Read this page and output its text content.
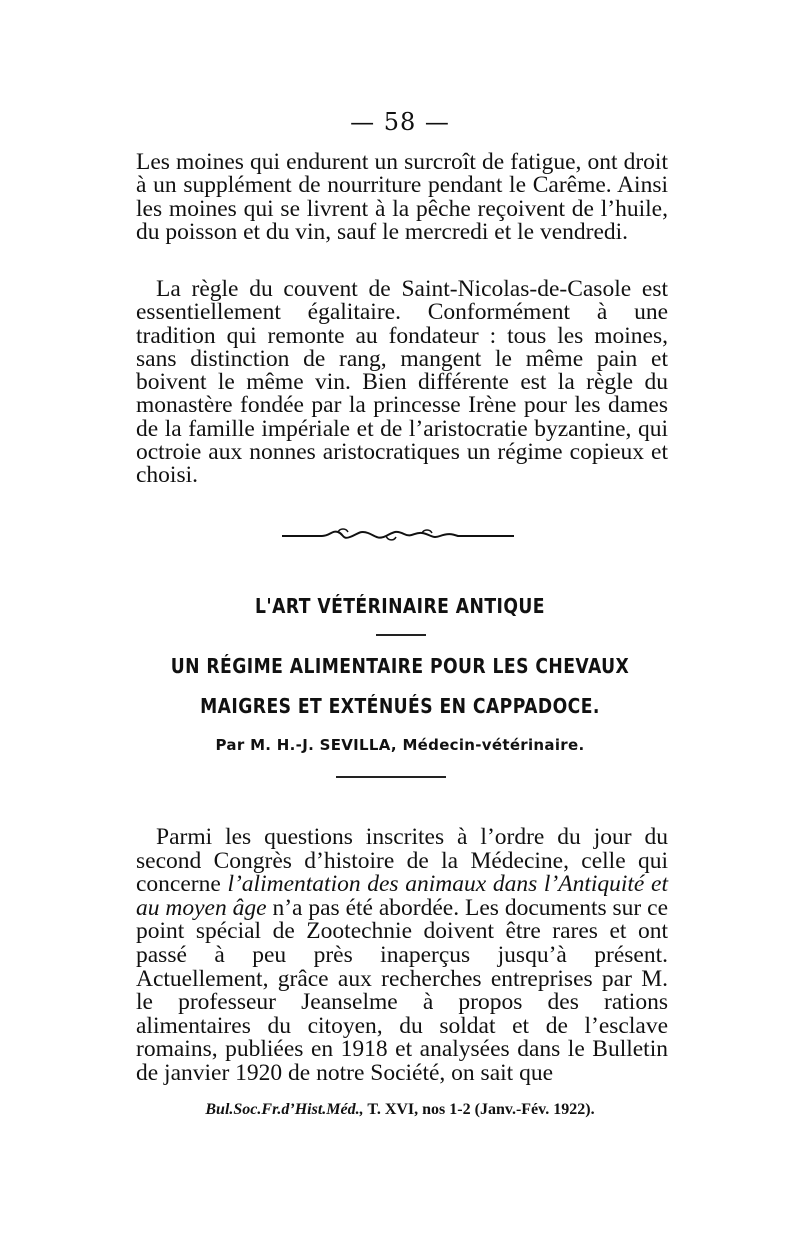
— 58 —
Les moines qui endurent un surcroît de fatigue, ont droit à un supplément de nourriture pendant le Carême. Ainsi les moines qui se livrent à la pêche reçoivent de l’huile, du poisson et du vin, sauf le mercredi et le vendredi.
La règle du couvent de Saint-Nicolas-de-Casole est essentiellement égalitaire. Conformément à une tradition qui remonte au fondateur : tous les moines, sans distinction de rang, mangent le même pain et boivent le même vin. Bien différente est la règle du monastère fondée par la princesse Irène pour les dames de la famille impériale et de l’aristocratie byzantine, qui octroie aux nonnes aristocratiques un régime copieux et choisi.
L'ART VÉTÉRINAIRE ANTIQUE
UN RÉGIME ALIMENTAIRE POUR LES CHEVAUX
MAIGRES ET EXTÉNUÉS EN CAPPADOCE.
Par M. H.-J. SEVILLA, Médecin-vétérinaire.
Parmi les questions inscrites à l’ordre du jour du second Congrès d’histoire de la Médecine, celle qui concerne l’alimentation des animaux dans l’Antiquité et au moyen âge n’a pas été abordée. Les documents sur ce point spécial de Zootechnie doivent être rares et ont passé à peu près inaperçus jusqu’à présent. Actuellement, grâce aux recherches entreprises par M. le professeur Jeanselme à propos des rations alimentaires du citoyen, du soldat et de l’esclave romains, publiées en 1918 et analysées dans le Bulletin de janvier 1920 de notre Société, on sait que
Bul.Soc.Fr.d’Hist.Méd., T. XVI, nos 1-2 (Janv.-Fév. 1922).
